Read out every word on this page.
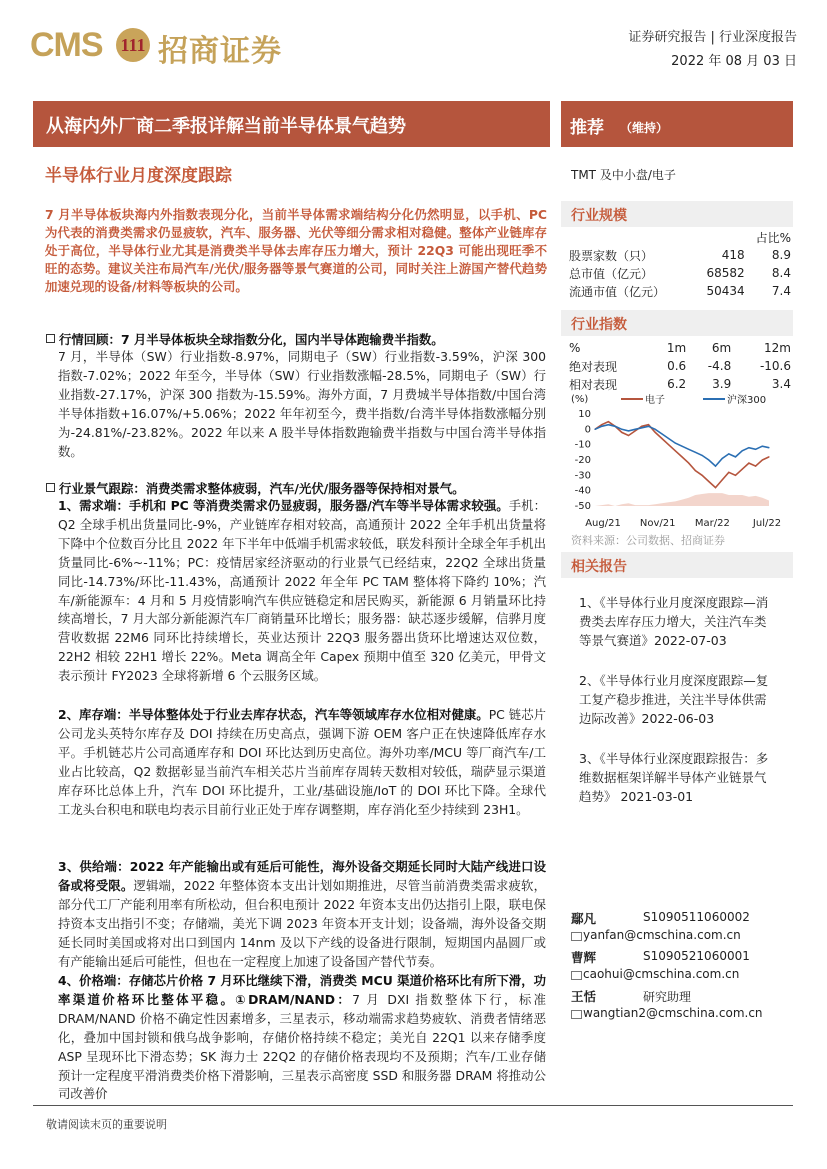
CMS 111 招商证券	证券研究报告 | 行业深度报告
2022 年 08 月 03 日
从海内外厂商二季报详解当前半导体景气趋势
半导体行业月度深度跟踪
7 月半导体板块海内外指数表现分化，当前半导体需求端结构分化仍然明显，以手机、PC 为代表的消费类需求仍显疲软，汽车、服务器、光伏等细分需求相对稳健。整体产业链库存处于高位，半导体行业尤其是消费类半导体去库存压力增大，预计 22Q3 可能出现旺季不旺的态势。建议关注布局汽车/光伏/服务器等景气赛道的公司，同时关注上游国产替代趋势加速兑现的设备/材料等板块的公司。
行情回顾：7 月半导体板块全球指数分化，国内半导体跑输费半指数。
7 月，半导体（SW）行业指数-8.97%，同期电子（SW）行业指数-3.59%，沪深 300 指数-7.02%；2022 年至今，半导体（SW）行业指数涨幅-28.5%，同期电子（SW）行业指数-27.17%，沪深 300 指数为-15.59%。海外方面，7 月费城半导体指数/中国台湾半导体指数+16.07%/+5.06%；2022 年年初至今，费半指数/台湾半导体指数涨幅分别为-24.81%/-23.82%。2022 年以来 A 股半导体指数跑输费半指数与中国台湾半导体指数。
行业景气跟踪：消费类需求整体疲弱，汽车/光伏/服务器等保持相对景气。
1、需求端：手机和 PC 等消费类需求仍显疲弱，服务器/汽车等半导体需求较强。手机：Q2 全球手机出货量同比-9%，产业链库存相对较高，高通预计 2022 全年手机出货量将下降中个位数百分比且 2022 年下半年中低端手机需求较低，联发科预计全球全年手机出货量同比-6%~-11%；PC：疫情居家经济驱动的行业景气已经结束，22Q2 全球出货量同比-14.73%/环比-11.43%，高通预计 2022 年全年 PC TAM 整体将下降约 10%；汽车/新能源车：4 月和 5 月疫情影响汽车供应链稳定和居民购买，新能源 6 月销量环比持续高增长，7 月大部分新能源汽车厂商销量环比增长；服务器：缺芯逐步缓解，信骅月度营收数据 22M6 同环比持续增长，英业达预计 22Q3 服务器出货环比增速达双位数，22H2 相较 22H1 增长 22%。Meta 调高全年 Capex 预期中值至 320 亿美元，甲骨文表示预计 FY2023 全球将新增 6 个云服务区域。
2、库存端：半导体整体处于行业去库存状态，汽车等领域库存水位相对健康。PC 链芯片公司龙头英特尔库存及 DOI 持续在历史高点，强调下游 OEM 客户正在快速降低库存水平。手机链芯片公司高通库存和 DOI 环比达到历史高位。海外功率/MCU 等厂商汽车/工业占比较高，Q2 数据彰显当前汽车相关芯片当前库存周转天数相对较低，瑞萨显示渠道库存环比总体上升，汽车 DOI 环比提升，工业/基础设施/IoT 的 DOI 环比下降。全球代工龙头台积电和联电均表示目前行业正处于库存调整期，库存消化至少持续到 23H1。
3、供给端：2022 年产能输出或有延后可能性，海外设备交期延长同时大陆产线进口设备或将受限。逻辑端，2022 年整体资本支出计划如期推进，尽管当前消费类需求疲软，部分代工厂产能利用率有所松动，但台积电预计 2022 年资本支出仍达指引上限，联电保持资本支出指引不变；存储端，美光下调 2023 年资本开支计划；设备端，海外设备交期延长同时美国或将对出口到国内 14nm 及以下产线的设备进行限制，短期国内晶圆厂或有产能输出延后可能性，但也在一定程度上加速了设备国产替代节奏。
4、价格端：存储芯片价格 7 月环比继续下滑，消费类 MCU 渠道价格环比有所下滑，功率渠道价格环比整体平稳。①DRAM/NAND：7 月 DXI 指数整体下行，标准 DRAM/NAND 价格不确定性因素增多，三星表示，移动端需求趋势疲软、消费者情绪恶化，叠加中国封锁和俄乌战争影响，存储价格持续不稳定；美光自 22Q1 以来存储季度 ASP 呈现环比下滑态势；SK 海力士 22Q2 的存储价格表现均不及预期；汽车/工业存储预计一定程度平滑消费类价格下滑影响，三星表示高密度 SSD 和服务器 DRAM 将推动公司改善价
推荐 （维持）
TMT 及中小盘/电子
行业规模
		占比%
股票家数（只）	418	8.9
总市值（亿元）	68582	8.4
流通市值（亿元）	50434	7.4
行业指数
%	1m	6m	12m
绝对表现	0.6	-4.8	-10.6
相对表现	6.2	3.9	3.4
(%)	电子	沪深300
10
0
-10
-20
-30
-40
-50
Aug/21 Nov/21 Mar/22 Jul/22
资料来源：公司数据、招商证券
相关报告
1、《半导体行业月度深度跟踪—消费类去库存压力增大，关注汽车类等景气赛道》2022-07-03
2、《半导体行业月度深度跟踪—复工复产稳步推进，关注半导体供需边际改善》2022-06-03
3、《半导体行业深度跟踪报告：多维数据框架详解半导体产业链景气趋势》 2021-03-01
鄢凡	S1090511060002
yanfan@cmschina.com.cn
曹辉	S1090521060001
caohui@cmschina.com.cn
王恬	研究助理
wangtian2@cmschina.com.cn
敬请阅读末页的重要说明
